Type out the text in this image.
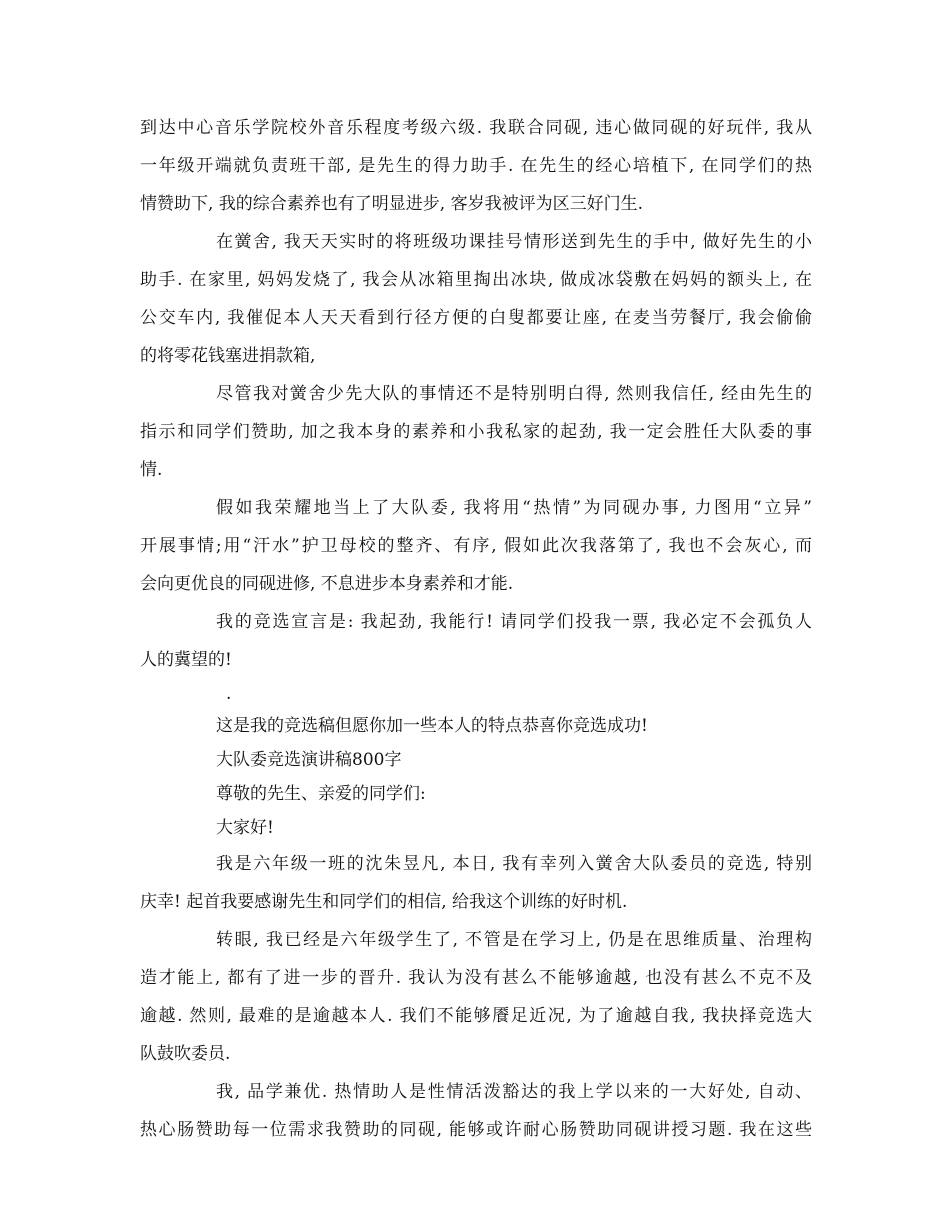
到达中心音乐学院校外音乐程度考级六级. 我联合同砚, 违心做同砚的好玩伴, 我从
一年级开端就负责班干部, 是先生的得力助手. 在先生的经心培植下, 在同学们的热
情赞助下, 我的综合素养也有了明显进步, 客岁我被评为区三好门生.
在黉舍, 我天天实时的将班级功课挂号情形送到先生的手中, 做好先生的小
助手. 在家里, 妈妈发烧了, 我会从冰箱里掏出冰块, 做成冰袋敷在妈妈的额头上, 在
公交车内, 我催促本人天天看到行径方便的白叟都要让座, 在麦当劳餐厅, 我会偷偷
的将零花钱塞进捐款箱,
尽管我对黉舍少先大队的事情还不是特别明白得, 然则我信任, 经由先生的
指示和同学们赞助, 加之我本身的素养和小我私家的起劲, 我一定会胜任大队委的事
情.
假如我荣耀地当上了大队委, 我将用“热情”为同砚办事, 力图用“立异”
开展事情;用“汗水”护卫母校的整齐、有序, 假如此次我落第了, 我也不会灰心, 而
会向更优良的同砚进修, 不息进步本身素养和才能.
我的竞选宣言是: 我起劲, 我能行! 请同学们投我一票, 我必定不会孤负人
人的冀望的!
.
这是我的竞选稿但愿你加一些本人的特点恭喜你竞选成功!
大队委竞选演讲稿800字
尊敬的先生、亲爱的同学们:
大家好!
我是六年级一班的沈朱昱凡, 本日, 我有幸列入黉舍大队委员的竞选, 特别
庆幸! 起首我要感谢先生和同学们的相信, 给我这个训练的好时机.
转眼, 我已经是六年级学生了, 不管是在学习上, 仍是在思维质量、治理构
造才能上, 都有了进一步的晋升. 我认为没有甚么不能够逾越, 也没有甚么不克不及
逾越. 然则, 最难的是逾越本人. 我们不能够餍足近况, 为了逾越自我, 我抉择竞选大
队鼓吹委员.
我, 品学兼优. 热情助人是性情活泼豁达的我上学以来的一大好处, 自动、
热心肠赞助每一位需求我赞助的同砚, 能够或许耐心肠赞助同砚讲授习题. 我在这些
